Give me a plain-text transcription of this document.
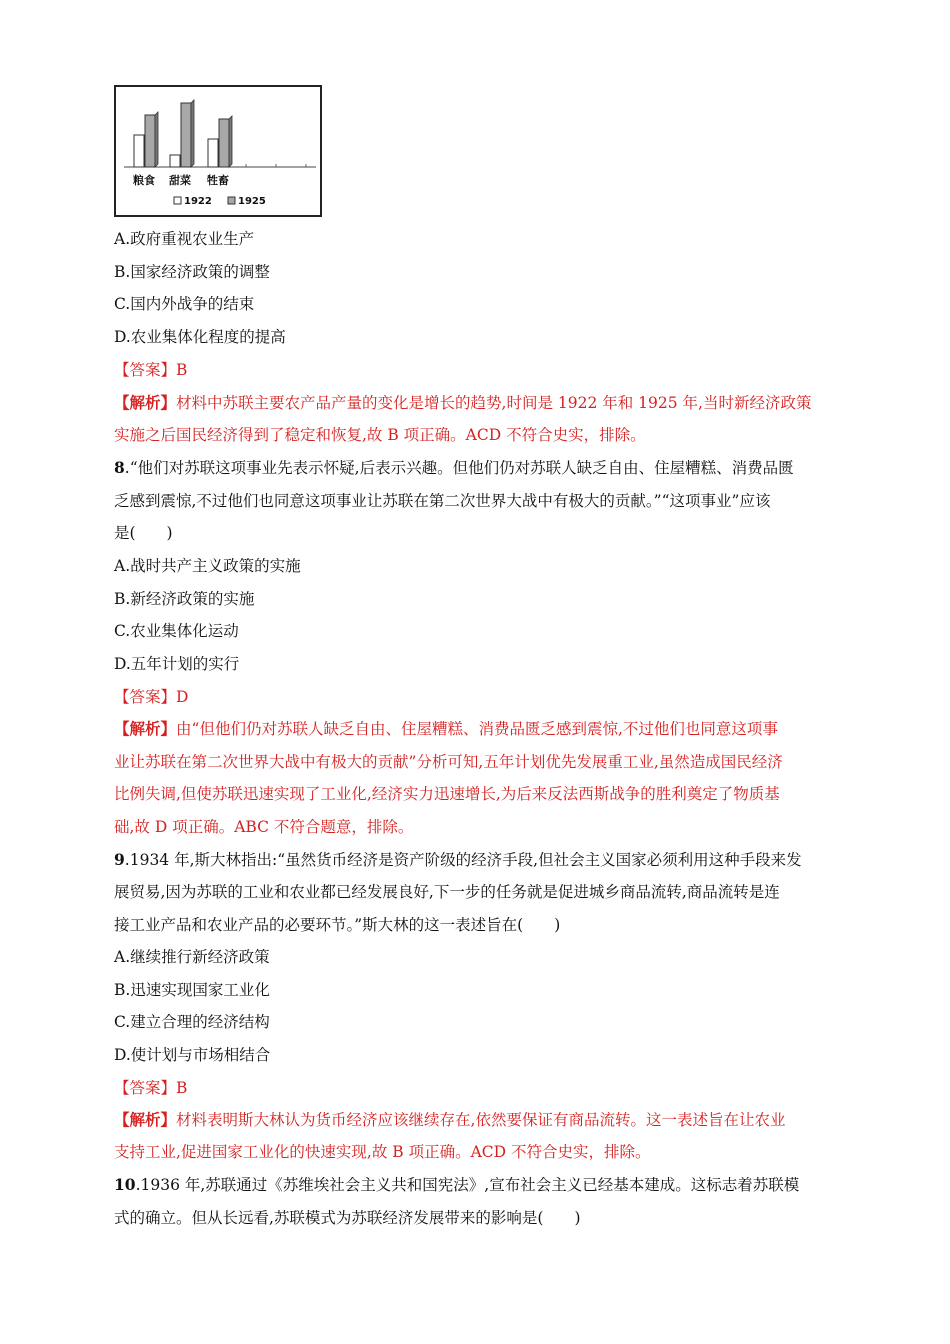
粮食 甜菜 牲畜
1922	1925
A.政府重视农业生产
B.国家经济政策的调整
C.国内外战争的结束
D.农业集体化程度的提高
【答案】B
【解析】材料中苏联主要农产品产量的变化是增长的趋势,时间是 1922 年和 1925 年,当时新经济政策
实施之后国民经济得到了稳定和恢复,故 B 项正确。ACD 不符合史实，排除。
8.“他们对苏联这项事业先表示怀疑,后表示兴趣。但他们仍对苏联人缺乏自由、住屋糟糕、消费品匮
乏感到震惊,不过他们也同意这项事业让苏联在第二次世界大战中有极大的贡献。”“这项事业”应该
是(　　)
A.战时共产主义政策的实施
B.新经济政策的实施
C.农业集体化运动
D.五年计划的实行
【答案】D
【解析】由“但他们仍对苏联人缺乏自由、住屋糟糕、消费品匮乏感到震惊,不过他们也同意这项事
业让苏联在第二次世界大战中有极大的贡献”分析可知,五年计划优先发展重工业,虽然造成国民经济
比例失调,但使苏联迅速实现了工业化,经济实力迅速增长,为后来反法西斯战争的胜利奠定了物质基
础,故 D 项正确。ABC 不符合题意，排除。
9.1934 年,斯大林指出:“虽然货币经济是资产阶级的经济手段,但社会主义国家必须利用这种手段来发
展贸易,因为苏联的工业和农业都已经发展良好,下一步的任务就是促进城乡商品流转,商品流转是连
接工业产品和农业产品的必要环节。”斯大林的这一表述旨在(　　)
A.继续推行新经济政策
B.迅速实现国家工业化
C.建立合理的经济结构
D.使计划与市场相结合
【答案】B
【解析】材料表明斯大林认为货币经济应该继续存在,依然要保证有商品流转。这一表述旨在让农业
支持工业,促进国家工业化的快速实现,故 B 项正确。ACD 不符合史实，排除。
10.1936 年,苏联通过《苏维埃社会主义共和国宪法》,宣布社会主义已经基本建成。这标志着苏联模
式的确立。但从长远看,苏联模式为苏联经济发展带来的影响是(　　)
